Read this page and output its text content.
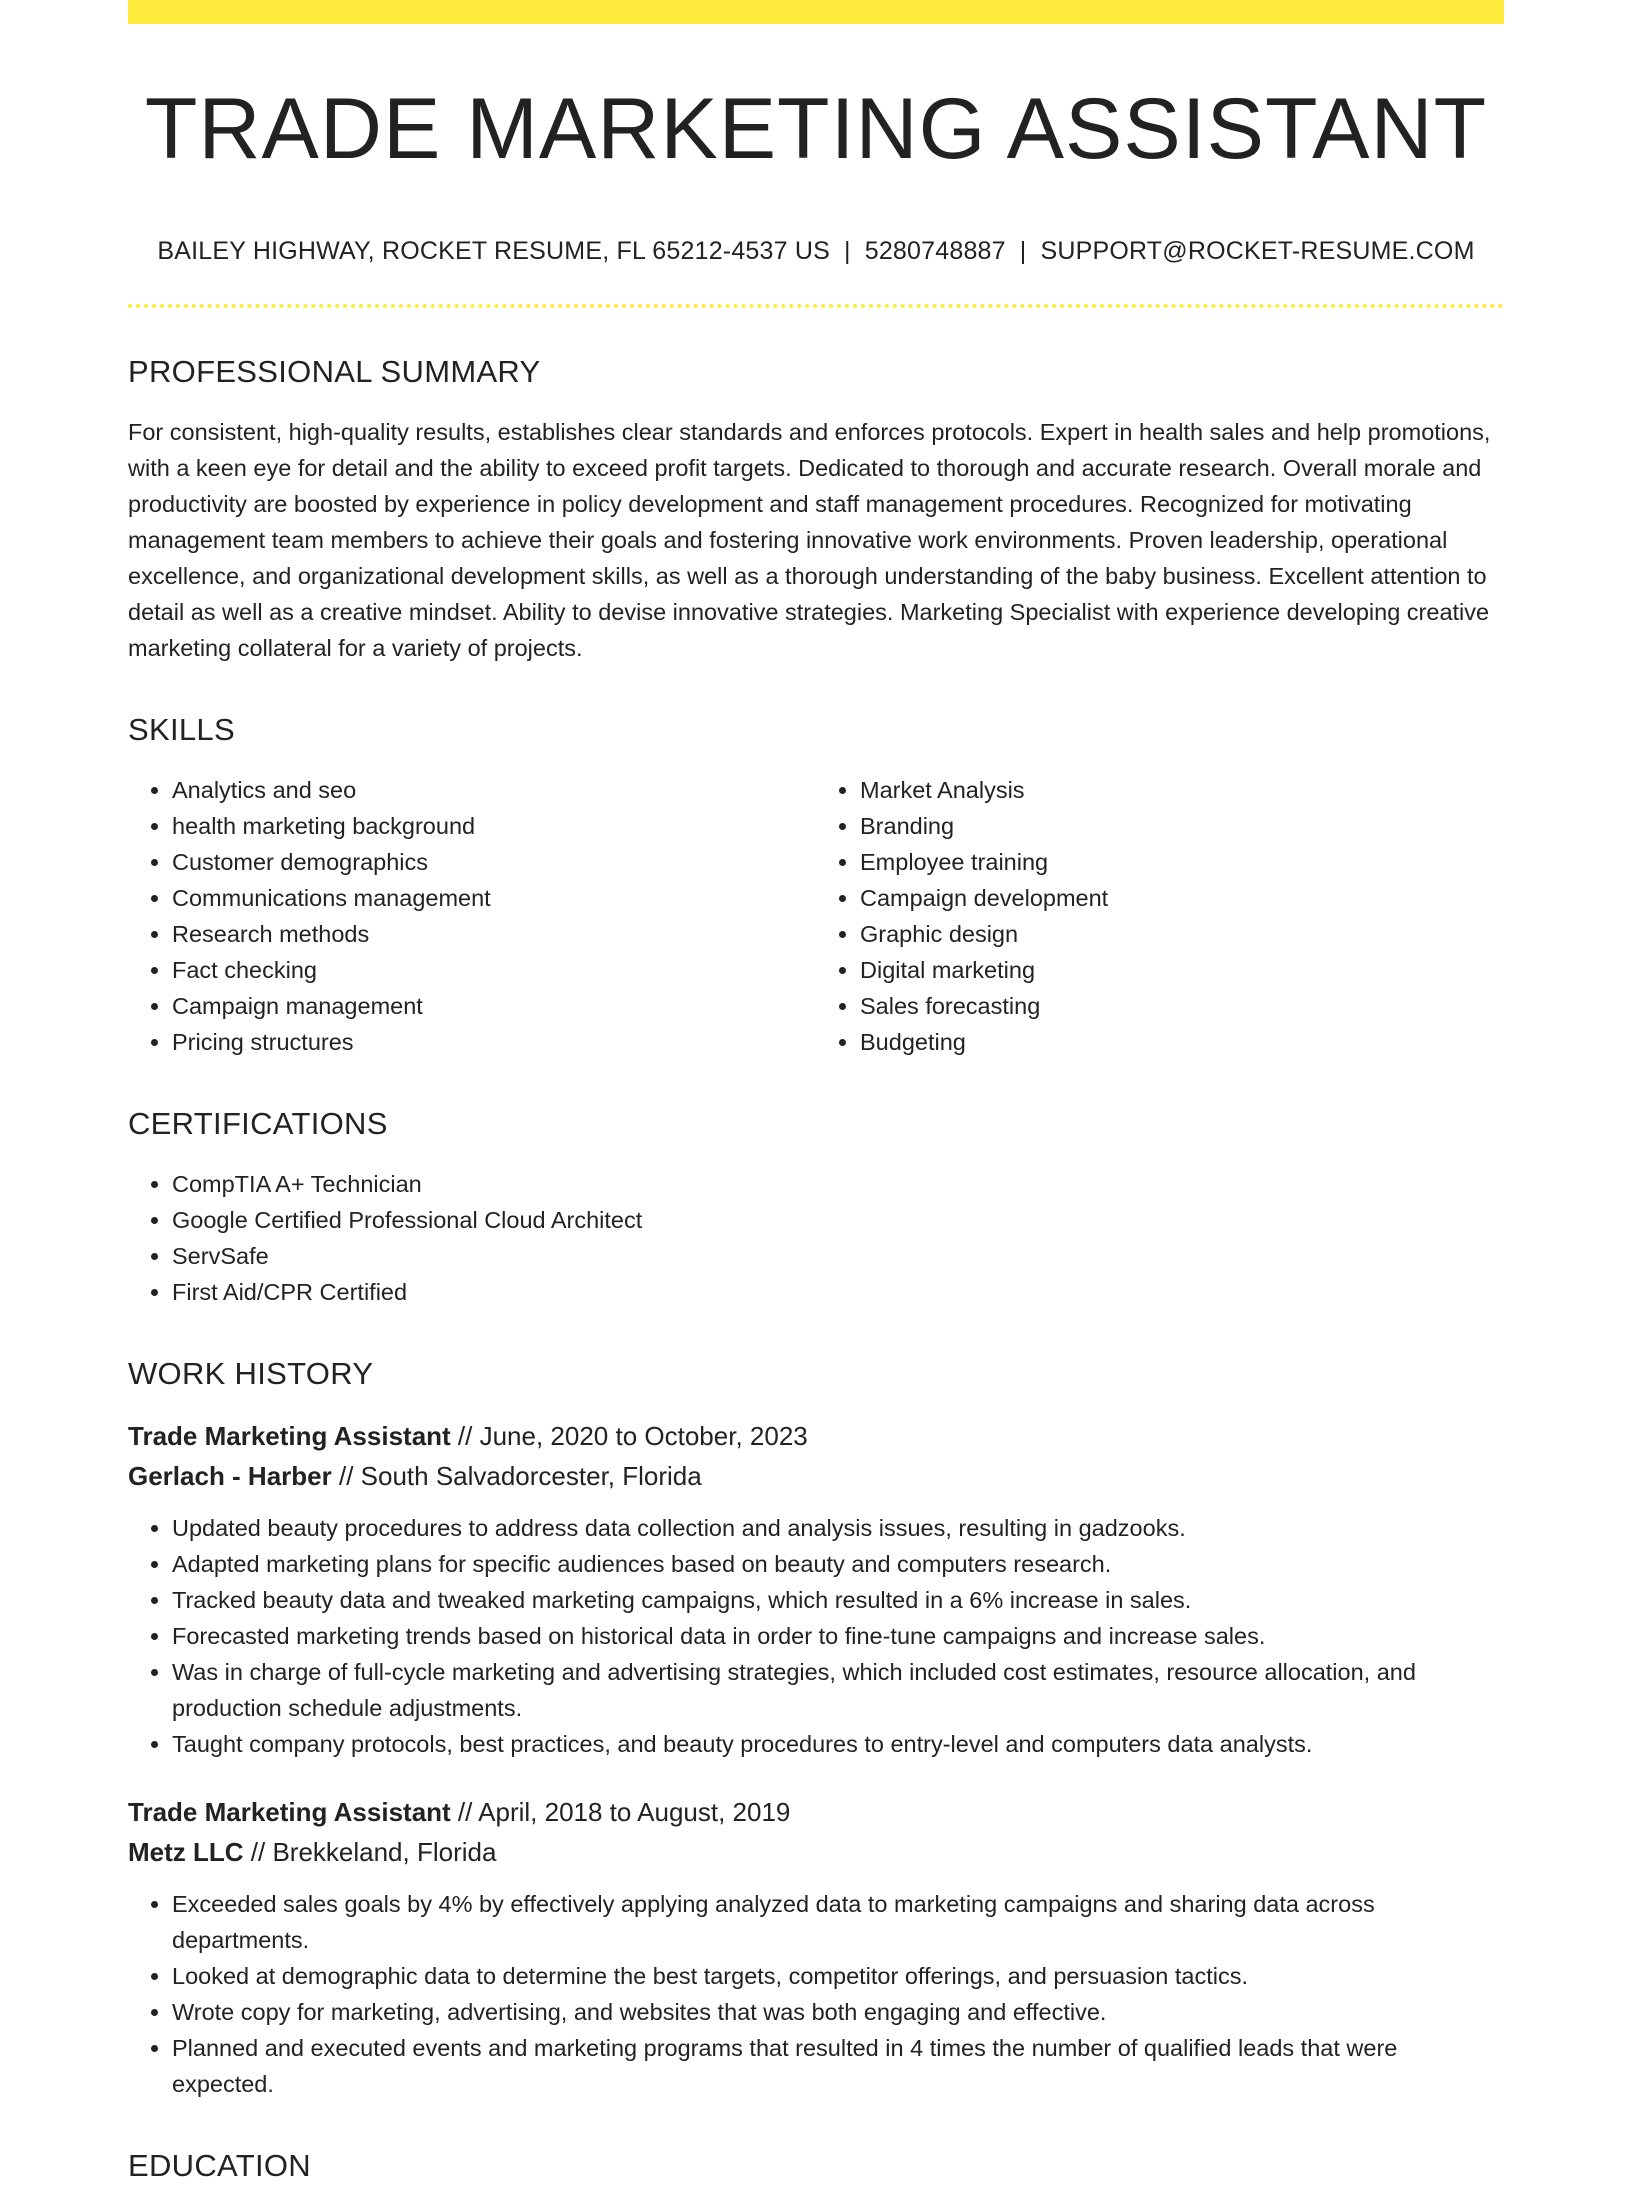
TRADE MARKETING ASSISTANT
BAILEY HIGHWAY, ROCKET RESUME, FL 65212-4537 US | 5280748887 | SUPPORT@ROCKET-RESUME.COM
PROFESSIONAL SUMMARY

For consistent, high-quality results, establishes clear standards and enforces protocols. Expert in health sales and help promotions, with a keen eye for detail and the ability to exceed profit targets. Dedicated to thorough and accurate research. Overall morale and productivity are boosted by experience in policy development and staff management procedures. Recognized for motivating management team members to achieve their goals and fostering innovative work environments. Proven leadership, operational excellence, and organizational development skills, as well as a thorough understanding of the baby business. Excellent attention to detail as well as a creative mindset. Ability to devise innovative strategies. Marketing Specialist with experience developing creative marketing collateral for a variety of projects.

SKILLS
• Analytics and seo
• health marketing background
• Customer demographics
• Communications management
• Research methods
• Fact checking
• Campaign management
• Pricing structures
• Market Analysis
• Branding
• Employee training
• Campaign development
• Graphic design
• Digital marketing
• Sales forecasting
• Budgeting
CERTIFICATIONS
• CompTIA A+ Technician
• Google Certified Professional Cloud Architect
• ServSafe
• First Aid/CPR Certified
WORK HISTORY
Trade Marketing Assistant // June, 2020 to October, 2023
Gerlach - Harber // South Salvadorcester, Florida
• Updated beauty procedures to address data collection and analysis issues, resulting in gadzooks.
• Adapted marketing plans for specific audiences based on beauty and computers research.
• Tracked beauty data and tweaked marketing campaigns, which resulted in a 6% increase in sales.
• Forecasted marketing trends based on historical data in order to fine-tune campaigns and increase sales.
• Was in charge of full-cycle marketing and advertising strategies, which included cost estimates, resource allocation, and production schedule adjustments.
• Taught company protocols, best practices, and beauty procedures to entry-level and computers data analysts.
Trade Marketing Assistant // April, 2018 to August, 2019
Metz LLC // Brekkeland, Florida
• Exceeded sales goals by 4% by effectively applying analyzed data to marketing campaigns and sharing data across departments.
• Looked at demographic data to determine the best targets, competitor offerings, and persuasion tactics.
• Wrote copy for marketing, advertising, and websites that was both engaging and effective.
• Planned and executed events and marketing programs that resulted in 4 times the number of qualified leads that were expected.
EDUCATION
